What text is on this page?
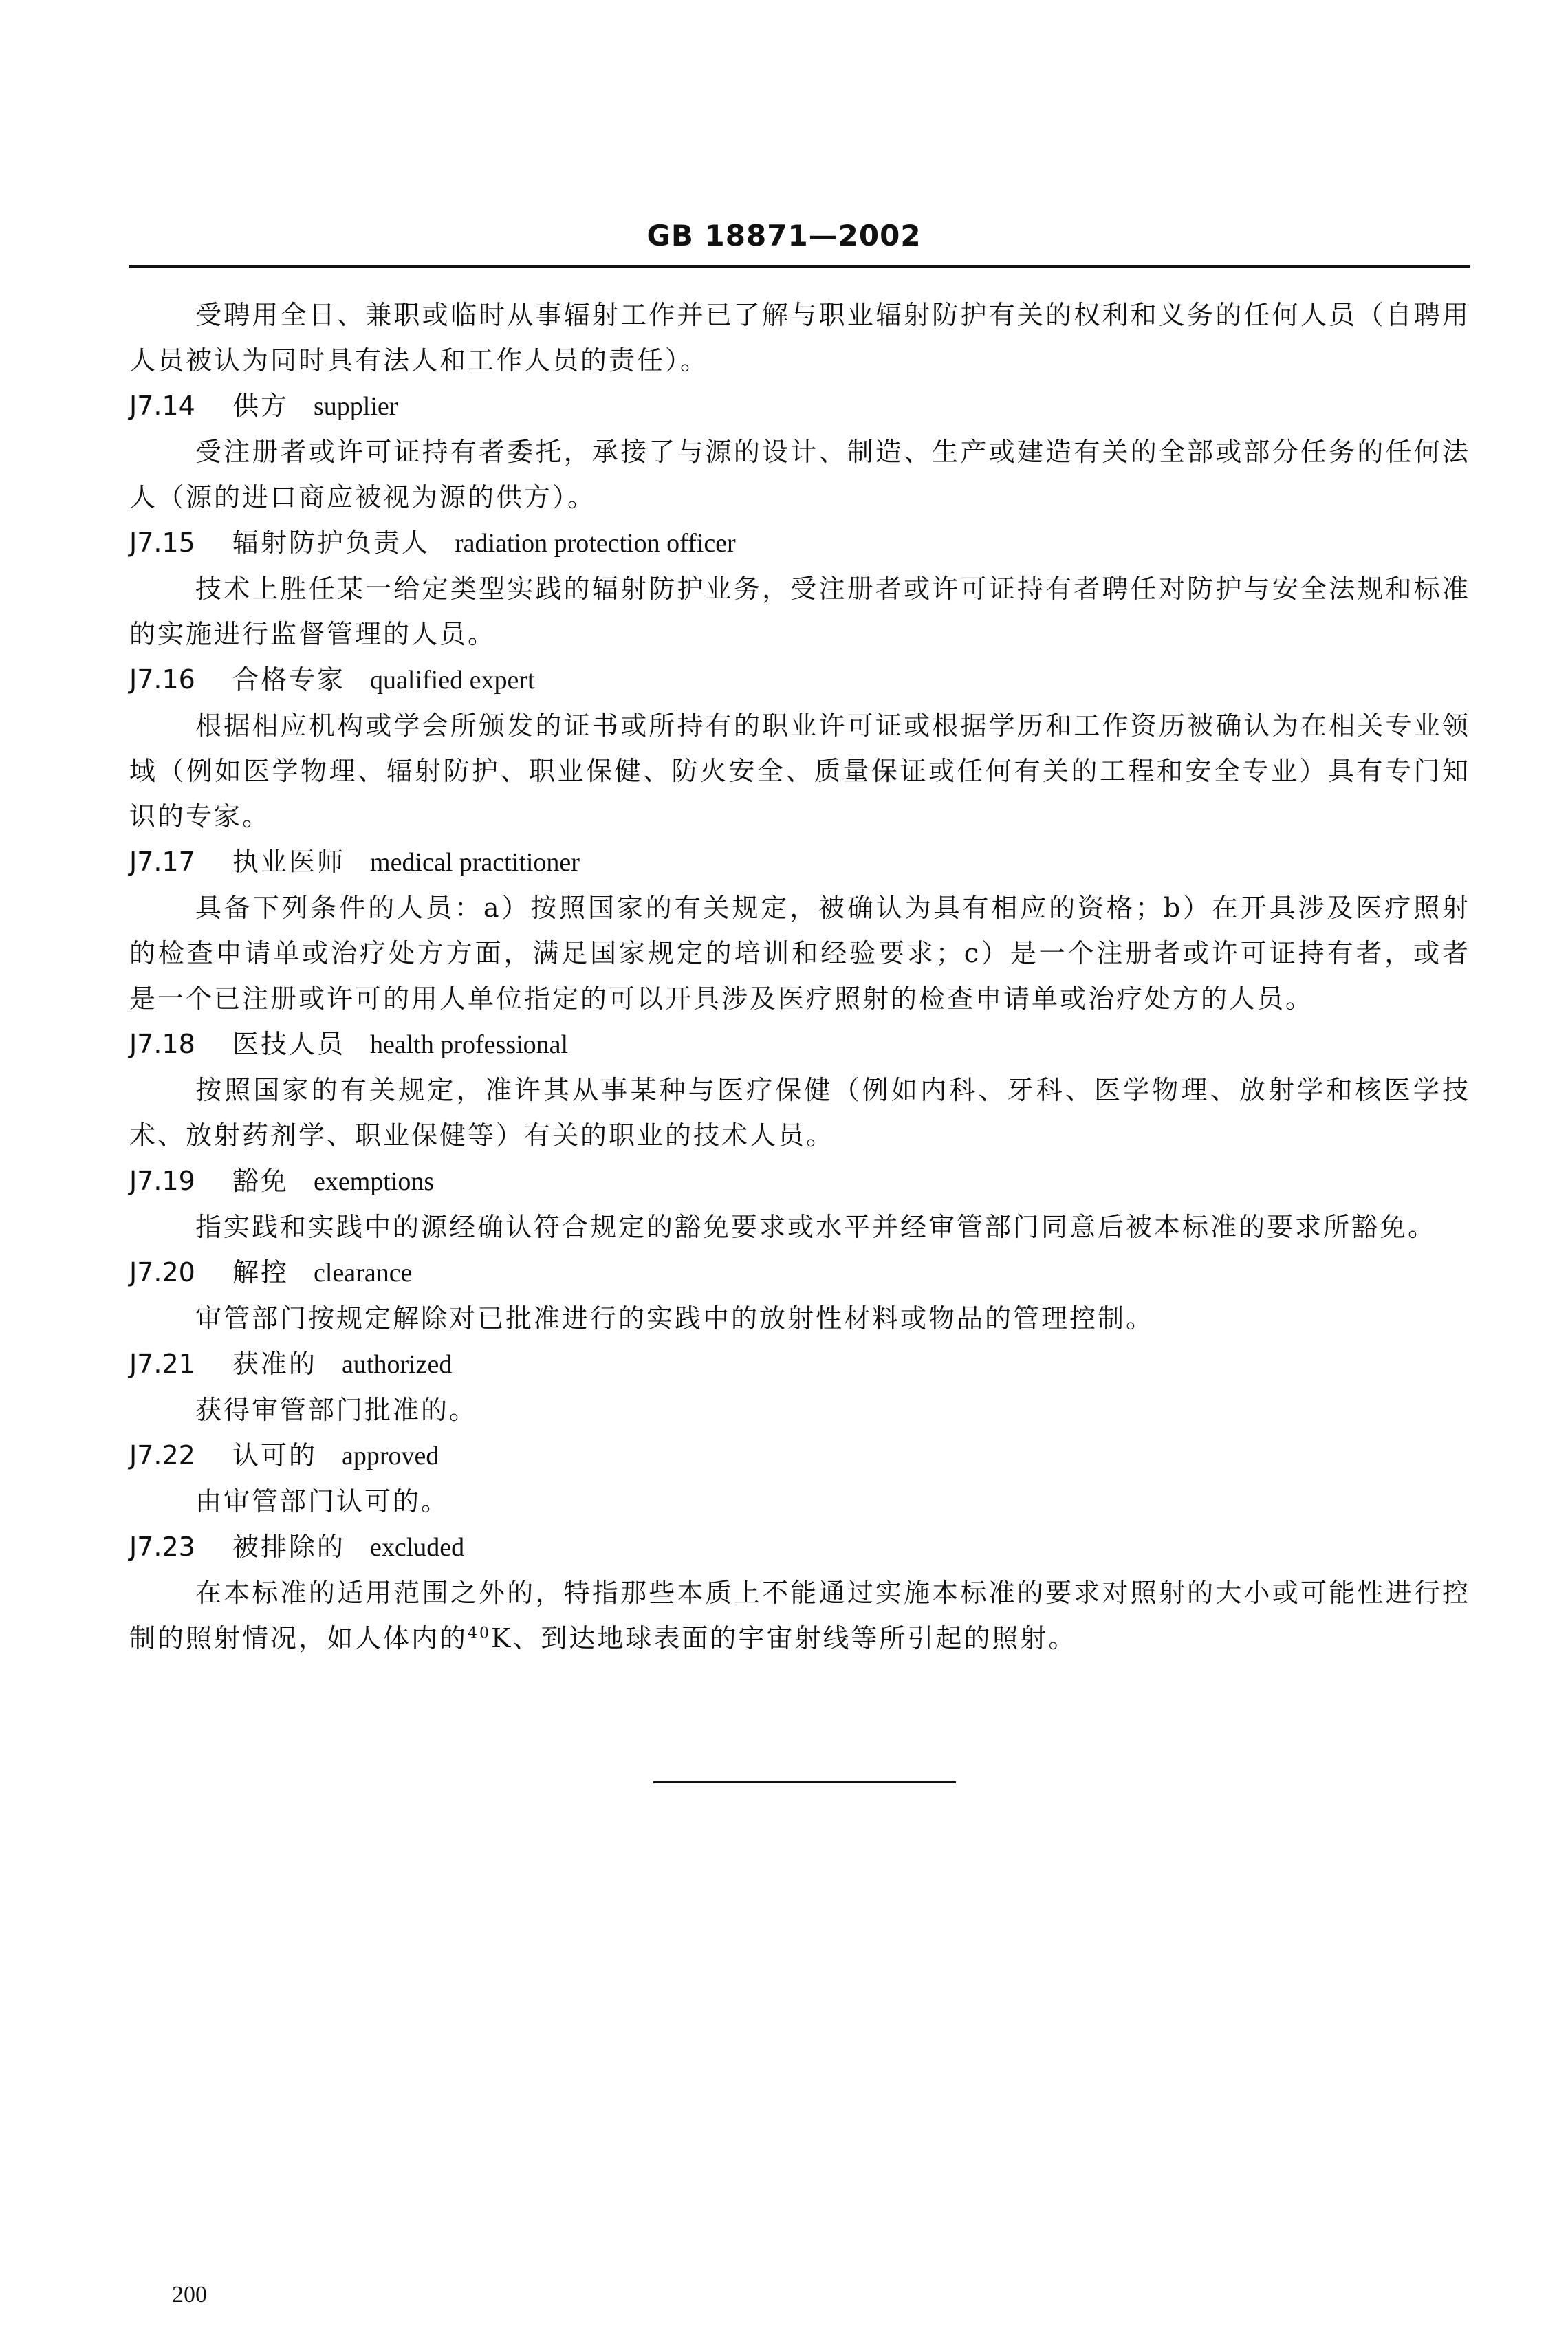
GB 18871—2002

受聘用全日、兼职或临时从事辐射工作并已了解与职业辐射防护有关的权利和义务的任何人员（自聘用人员被认为同时具有法人和工作人员的责任）。

J7.14 供方 supplier

受注册者或许可证持有者委托，承接了与源的设计、制造、生产或建造有关的全部或部分任务的任何法人（源的进口商应被视为源的供方）。

J7.15 辐射防护负责人 radiation protection officer

技术上胜任某一给定类型实践的辐射防护业务，受注册者或许可证持有者聘任对防护与安全法规和标准的实施进行监督管理的人员。

J7.16 合格专家 qualified expert

根据相应机构或学会所颁发的证书或所持有的职业许可证或根据学历和工作资历被确认为在相关专业领域（例如医学物理、辐射防护、职业保健、防火安全、质量保证或任何有关的工程和安全专业）具有专门知识的专家。

J7.17 执业医师 medical practitioner

具备下列条件的人员：a）按照国家的有关规定，被确认为具有相应的资格；b）在开具涉及医疗照射的检查申请单或治疗处方方面，满足国家规定的培训和经验要求；c）是一个注册者或许可证持有者，或者是一个已注册或许可的用人单位指定的可以开具涉及医疗照射的检查申请单或治疗处方的人员。

J7.18 医技人员 health professional

按照国家的有关规定，准许其从事某种与医疗保健（例如内科、牙科、医学物理、放射学和核医学技术、放射药剂学、职业保健等）有关的职业的技术人员。

J7.19 豁免 exemptions

指实践和实践中的源经确认符合规定的豁免要求或水平并经审管部门同意后被本标准的要求所豁免。

J7.20 解控 clearance

审管部门按规定解除对已批准进行的实践中的放射性材料或物品的管理控制。

J7.21 获准的 authorized

获得审管部门批准的。

J7.22 认可的 approved

由审管部门认可的。

J7.23 被排除的 excluded

在本标准的适用范围之外的，特指那些本质上不能通过实施本标准的要求对照射的大小或可能性进行控制的照射情况，如人体内的$^{40}$K、到达地球表面的宇宙射线等所引起的照射。

200
